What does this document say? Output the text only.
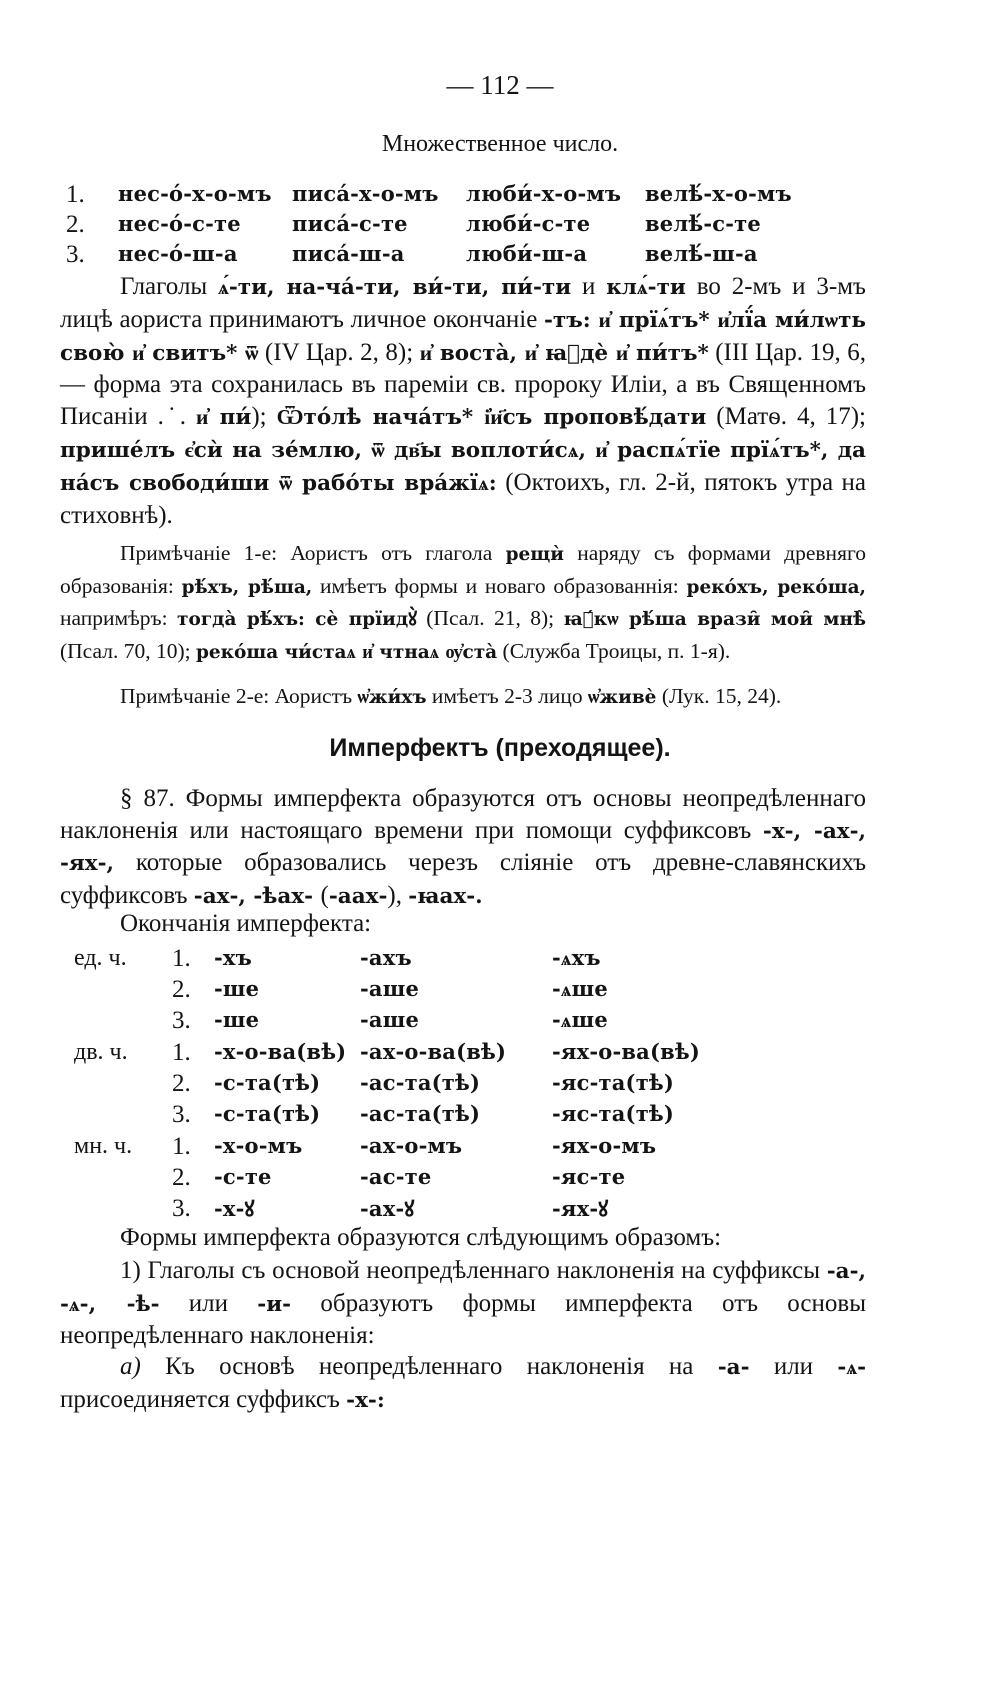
— 112 —
Множественное число.
1. нес-ó-х-о-мъ писá-х-о-мъ люби́-х-о-мъ велѣ́-х-о-мъ
2. нес-ó-с-те писá-с-те	люби́-с-те	велѣ́-с-те
3. нес-ó-ш-а	писá-ш-а	люби́-ш-а	велѣ́-ш-а
Глаголы ѧ́-ти, на-чá-ти, ви́-ти, пи́-ти и клѧ́-ти во 2-мъ и 3-мъ лицѣ аориста принимаютъ личное окончаніе -тъ: и҆ прїѧ́тъ* и҆лї́а ми́лѡть свою̀ и҆ свитъ* ѿ (IV Цар. 2, 8); и҆ востà, и҆ ꙗ҆дѐ и҆ пи́тъ* (III Цар. 19, 6, — форма эта сохранилась въ пареміи св. пророку Иліи, а въ Священномъ Писаніи .˙. и҆ пи́); Ѿто́лѣ начáтъ* і҆и҃съ проповѣ́дати (Матѳ. 4, 17); пришéлъ є҆сѝ на зéмлю, ѿ дв҃ы воплоти́сѧ, и҆ распѧ́тїе прїѧ́тъ*, да нáсъ свободи́ши ѿ рабóты врáжїѧ: (Октоихъ, гл. 2-й, пятокъ утра на стиховнѣ).
Примѣчаніе 1-е: Аористъ отъ глагола рещѝ наряду съ формами древняго образованія: рѣ́хъ, рѣ́ша, имѣетъ формы и новаго образованнія: рекóхъ, рекóша, напримѣръ: тогдà рѣ́хъ: сѐ прїидꙋ̀ (Псал. 21, 8); ꙗ҆́кѡ рѣ́ша врази̑ мои̑ мнѣ̀ (Псал. 70, 10); рекóша чи́стаѧ и҆ чтнаѧ ѹ҆стà (Служба Троицы, п. 1-я).
Примѣчаніе 2-е: Аористъ ѡ҆жи́хъ имѣетъ 2-3 лицо ѡ҆живѐ (Лук. 15, 24).
Имперфектъ (преходящее).
§ 87. Формы имперфекта образуются отъ основы неопредѣленнаго наклоненія или настоящаго времени при помощи суффиксовъ -х-, -ах-, -ях-, которые образовались черезъ сліяніе отъ древне-славянскихъ суффиксовъ -ах-, -ѣах- (-аах-), -ꙗах-.
Окончанія имперфекта:
ед. ч. 1. -хъ	-ахъ	-ѧхъ
2. -ше	-аше	-ѧше
3. -ше	-аше	-ѧше
дв. ч. 1. -х-о-ва(вѣ) -ах-о-ва(вѣ) -ях-о-ва(вѣ)
2. -с-та(тѣ) -ас-та(тѣ)	-яс-та(тѣ)
3. -с-та(тѣ) -ас-та(тѣ)	-яс-та(тѣ)
мн. ч. 1. -х-о-мъ	-ах-о-мъ	-ях-о-мъ
2. -с-те	-ас-те	-яс-те
3. -х-ꙋ	-ах-ꙋ	-ях-ꙋ
Формы имперфекта образуются слѣдующимъ образомъ:
1) Глаголы съ основой неопредѣленнаго наклоненія на суффиксы -а-, -ѧ-, -ѣ- или -и- образуютъ формы имперфекта отъ основы неопредѣленнаго наклоненія:
а) Къ основѣ неопредѣленнаго наклоненія на -а- или -ѧ- присоединяется суффиксъ -х-:
